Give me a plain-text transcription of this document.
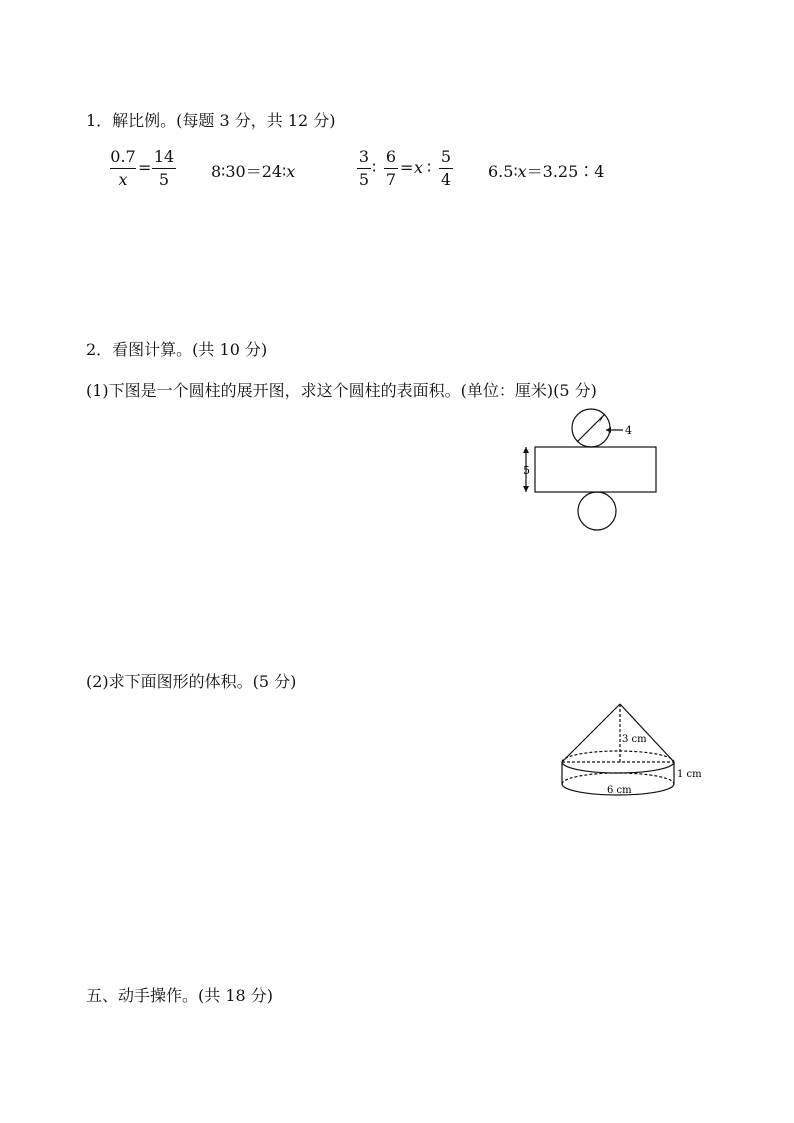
1．解比例。(每题 3 分，共 12 分)
0.7
x
=
14
5	8∶30＝24∶x
3
5
∶
6
7
= x ∶
5
4 6.5∶x＝3.25∶4
2．看图计算。(共 10 分)
(1)下图是一个圆柱的展开图，求这个圆柱的表面积。(单位：厘米)(5 分)
4
5
(2)求下面图形的体积。(5 分)
3 cm
1 cm
6 cm
五、动手操作。(共 18 分)
